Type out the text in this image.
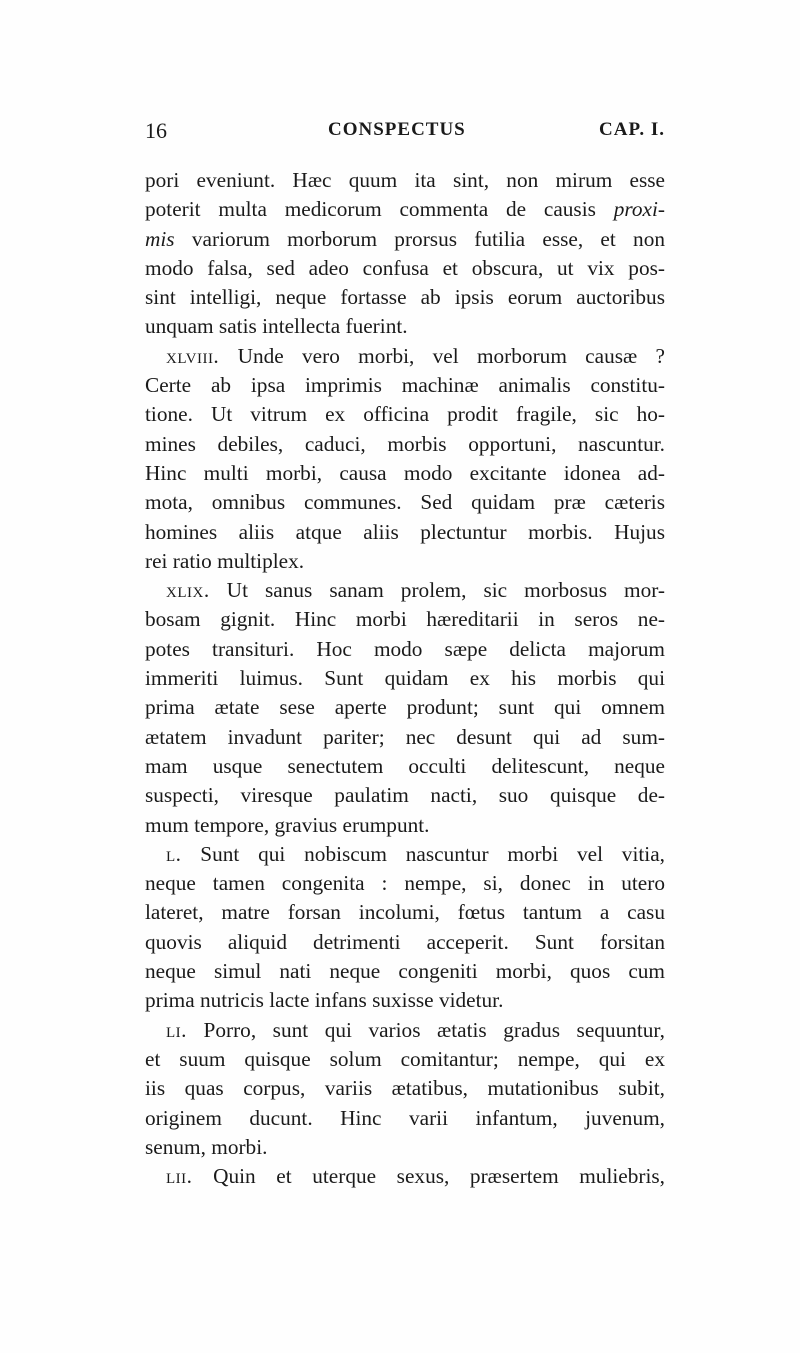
16	CONSPECTUS	CAP. I.
pori eveniunt. Hæc quum ita sint, non mirum esse
poterit multa medicorum commenta de causis proxi-
mis variorum morborum prorsus futilia esse, et non
modo falsa, sed adeo confusa et obscura, ut vix pos-
sint intelligi, neque fortasse ab ipsis eorum auctoribus
unquam satis intellecta fuerint.
xlviii. Unde vero morbi, vel morborum causæ ?
Certe ab ipsa imprimis machinæ animalis constitu-
tione. Ut vitrum ex officina prodit fragile, sic ho-
mines debiles, caduci, morbis opportuni, nascuntur.
Hinc multi morbi, causa modo excitante idonea ad-
mota, omnibus communes. Sed quidam præ cæteris
homines aliis atque aliis plectuntur morbis. Hujus
rei ratio multiplex.
xlix. Ut sanus sanam prolem, sic morbosus mor-
bosam gignit. Hinc morbi hæreditarii in seros ne-
potes transituri. Hoc modo sæpe delicta majorum
immeriti luimus. Sunt quidam ex his morbis qui
prima ætate sese aperte produnt; sunt qui omnem
ætatem invadunt pariter; nec desunt qui ad sum-
mam usque senectutem occulti delitescunt, neque
suspecti, viresque paulatim nacti, suo quisque de-
mum tempore, gravius erumpunt.
l. Sunt qui nobiscum nascuntur morbi vel vitia,
neque tamen congenita : nempe, si, donec in utero
lateret, matre forsan incolumi, fœtus tantum a casu
quovis aliquid detrimenti acceperit. Sunt forsitan
neque simul nati neque congeniti morbi, quos cum
prima nutricis lacte infans suxisse videtur.
li. Porro, sunt qui varios ætatis gradus sequuntur,
et suum quisque solum comitantur; nempe, qui ex
iis quas corpus, variis ætatibus, mutationibus subit,
originem ducunt. Hinc varii infantum, juvenum,
senum, morbi.
lii. Quin et uterque sexus, præsertem muliebris,
